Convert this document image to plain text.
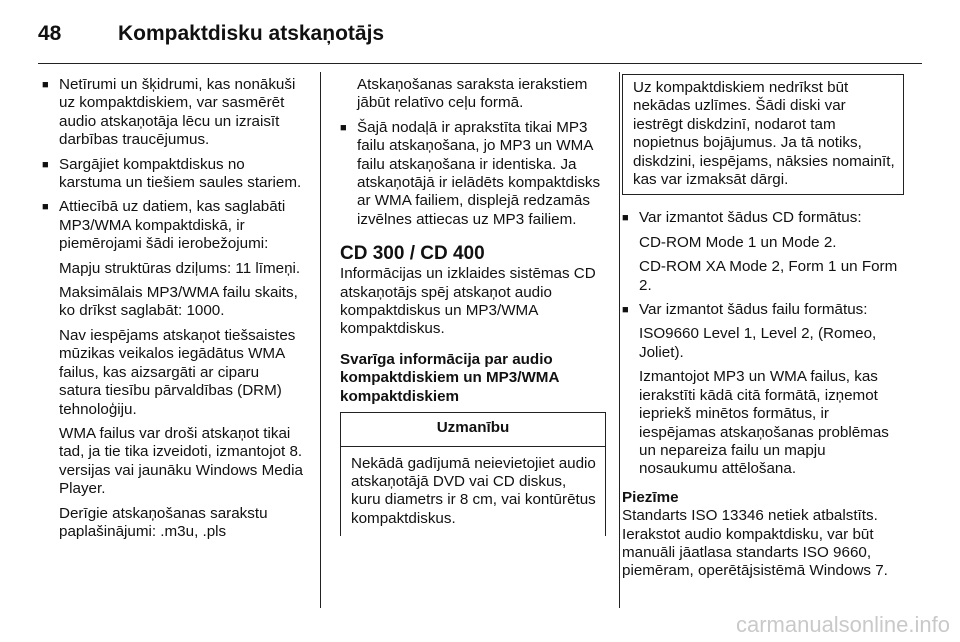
48	Kompaktdisku atskaņotājs
■ Netīrumi un šķidrumi, kas nonākuši uz kompaktdiskiem, var sasmērēt audio atskaņotāja lēcu un izraisīt darbības traucējumus.
■ Sargājiet kompaktdiskus no karstuma un tiešiem saules stariem.
■ Attiecībā uz datiem, kas saglabāti MP3/WMA kompaktdiskā, ir piemērojami šādi ierobežojumi:
Mapju struktūras dziļums: 11 līmeņi.
Maksimālais MP3/WMA failu skaits, ko drīkst saglabāt: 1000.
Nav iespējams atskaņot tiešsaistes mūzikas veikalos iegādātus WMA failus, kas aizsargāti ar ciparu satura tiesību pārvaldības (DRM) tehnoloģiju.
WMA failus var droši atskaņot tikai tad, ja tie tika izveidoti, izmantojot 8. versijas vai jaunāku Windows Media Player.
Derīgie atskaņošanas sarakstu paplašinājumi: .m3u, .pls
Atskaņošanas saraksta ierakstiem jābūt relatīvo ceļu formā.
■ Šajā nodaļā ir aprakstīta tikai MP3 failu atskaņošana, jo MP3 un WMA failu atskaņošana ir identiska. Ja atskaņotājā ir ielādēts kompaktdisks ar WMA failiem, displejā redzamās izvēlnes attiecas uz MP3 failiem.
CD 300 / CD 400
Informācijas un izklaides sistēmas CD atskaņotājs spēj atskaņot audio kompaktdiskus un MP3/WMA kompaktdiskus.
Svarīga informācija par audio kompaktdiskiem un MP3/WMA kompaktdiskiem
Uzmanību
Nekādā gadījumā neievietojiet audio atskaņotājā DVD vai CD diskus, kuru diametrs ir 8 cm, vai kontūrētus kompaktdiskus.
Uz kompaktdiskiem nedrīkst būt nekādas uzlīmes. Šādi diski var iestrēgt diskdzinī, nodarot tam nopietnus bojājumus. Ja tā notiks, diskdzini, iespējams, nāksies nomainīt, kas var izmaksāt dārgi.
■ Var izmantot šādus CD formātus:
CD-ROM Mode 1 un Mode 2.
CD-ROM XA Mode 2, Form 1 un Form 2.
■ Var izmantot šādus failu formātus:
ISO9660 Level 1, Level 2, (Romeo, Joliet).
Izmantojot MP3 un WMA failus, kas ierakstīti kādā citā formātā, izņemot iepriekš minētos formātus, ir iespējamas atskaņošanas problēmas un nepareiza failu un mapju nosaukumu attēlošana.
Piezīme
Standarts ISO 13346 netiek atbalstīts. Ierakstot audio kompaktdisku, var būt manuāli jāatlasa standarts ISO 9660, piemēram, operētājsistēmā Windows 7.
carmanualsonline.info
